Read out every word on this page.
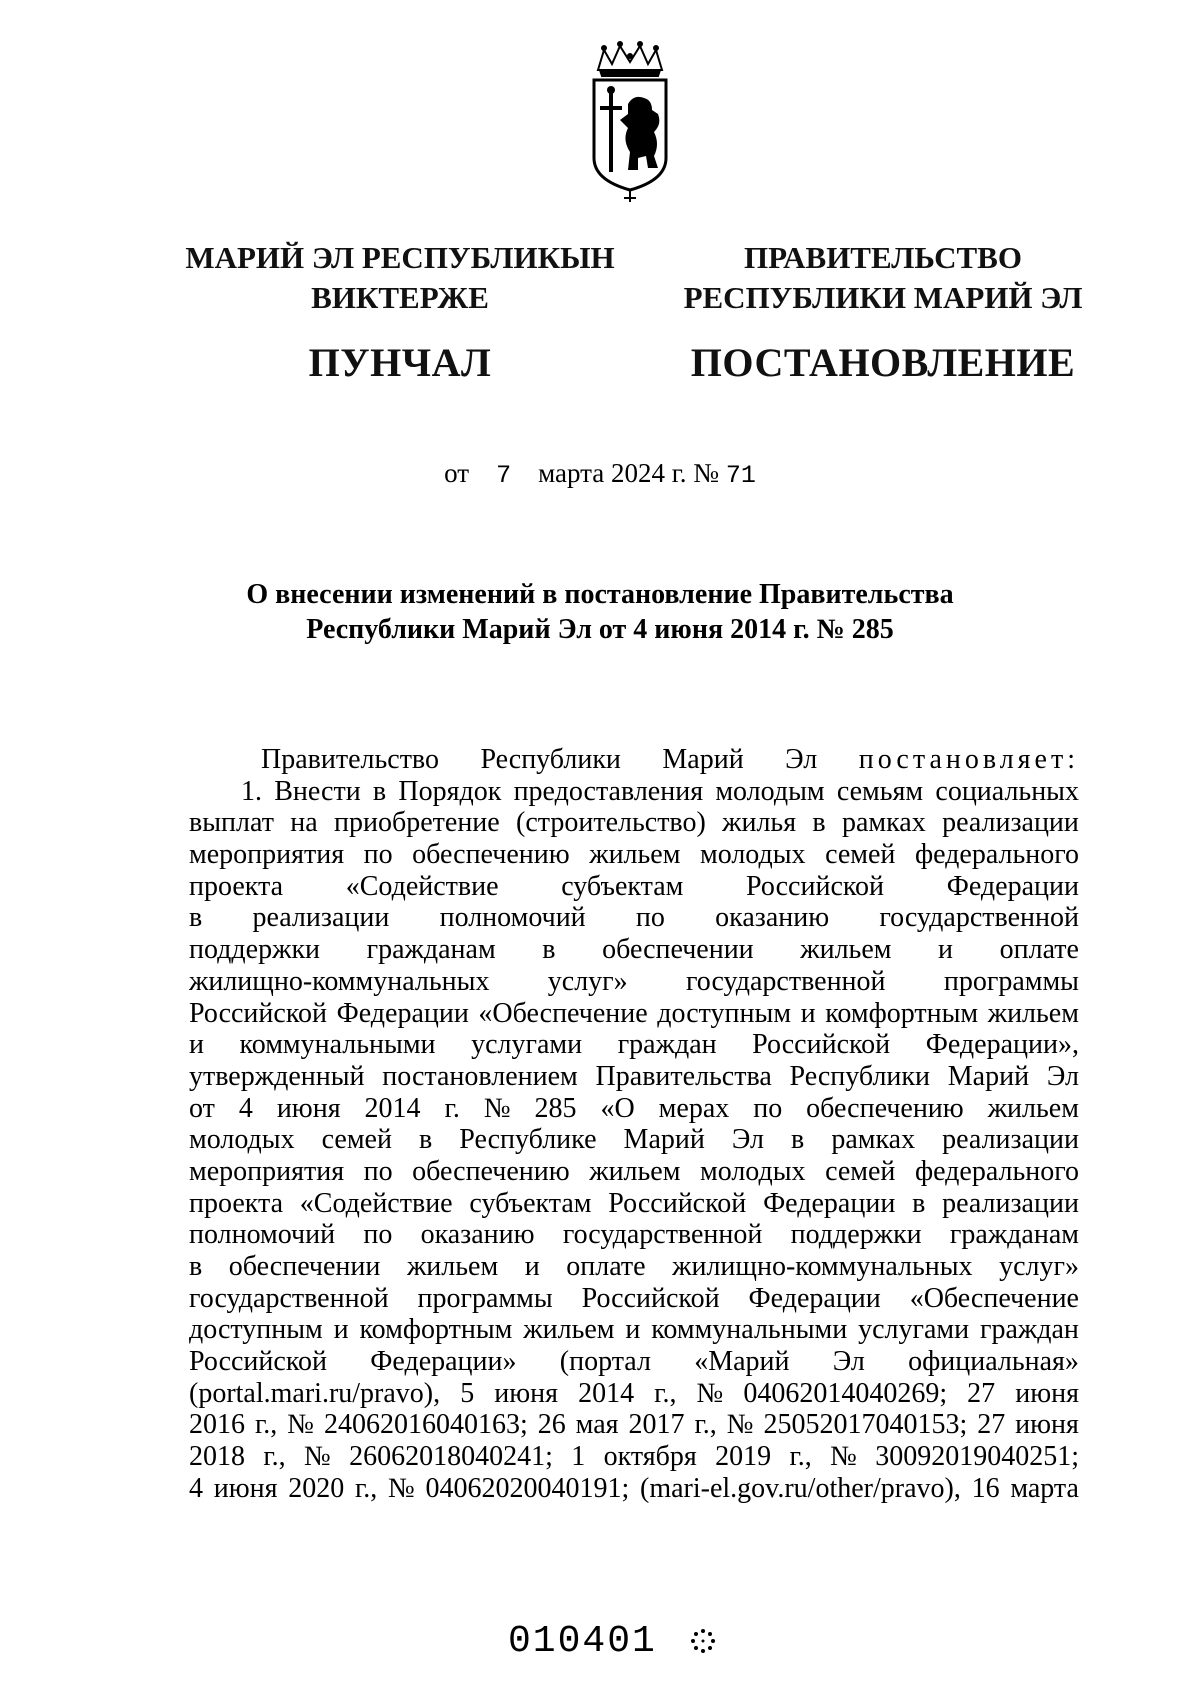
МАРИЙ ЭЛ РЕСПУБЛИКЫН
ВИКТЕРЖЕ
ПУНЧАЛ
ПРАВИТЕЛЬСТВО
РЕСПУБЛИКИ МАРИЙ ЭЛ
ПОСТАНОВЛЕНИЕ
от 7 марта 2024 г. № 71
О внесении изменений в постановление Правительства
Республики Марий Эл от 4 июня 2014 г. № 285
Правительство Республики Марий Эл постановляет:
1. Внести в Порядок предоставления молодым семьям социальных
выплат на приобретение (строительство) жилья в рамках реализации
мероприятия по обеспечению жильем молодых семей федерального
проекта «Содействие субъектам Российской Федерации
в реализации полномочий по оказанию государственной
поддержки гражданам в обеспечении жильем и оплате
жилищно-коммунальных услуг» государственной программы
Российской Федерации «Обеспечение доступным и комфортным жильем
и коммунальными услугами граждан Российской Федерации»,
утвержденный постановлением Правительства Республики Марий Эл
от 4 июня 2014 г. № 285 «О мерах по обеспечению жильем
молодых семей в Республике Марий Эл в рамках реализации
мероприятия по обеспечению жильем молодых семей федерального
проекта «Содействие субъектам Российской Федерации в реализации
полномочий по оказанию государственной поддержки гражданам
в обеспечении жильем и оплате жилищно-коммунальных услуг»
государственной программы Российской Федерации «Обеспечение
доступным и комфортным жильем и коммунальными услугами граждан
Российской Федерации» (портал «Марий Эл официальная»
(portal.mari.ru/pravo), 5 июня 2014 г., № 04062014040269; 27 июня
2016 г., № 24062016040163; 26 мая 2017 г., № 25052017040153; 27 июня
2018 г., № 26062018040241; 1 октября 2019 г., № 30092019040251;
4 июня 2020 г., № 04062020040191; (mari-el.gov.ru/other/pravo), 16 марта
010401
